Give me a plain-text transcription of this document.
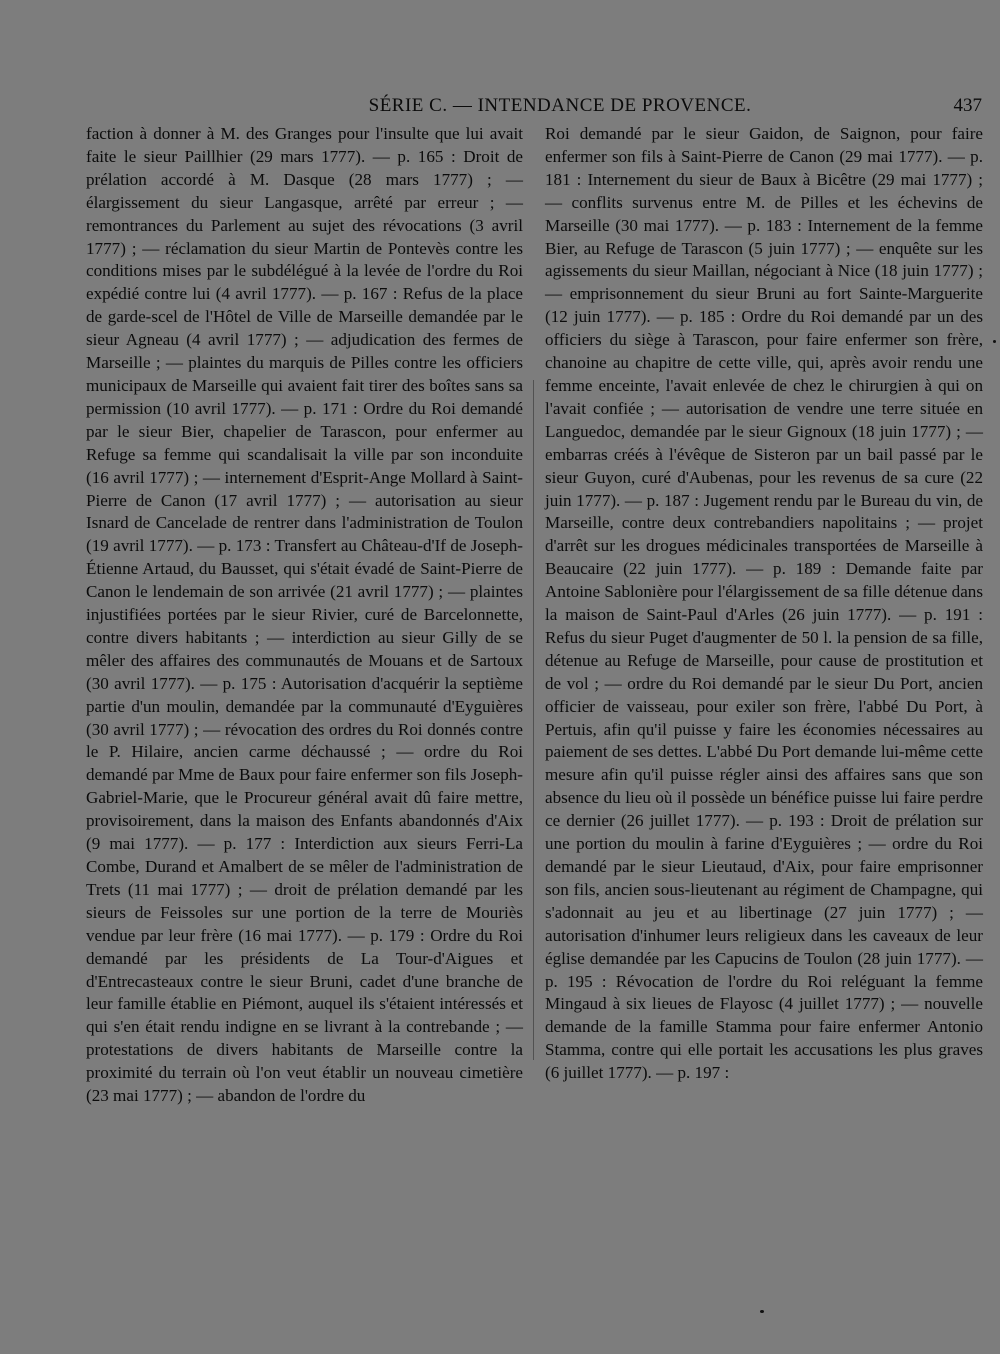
SÉRIE C. — INTENDANCE DE PROVENCE.	437

faction à donner à M. des Granges pour l'insulte que lui avait faite le sieur Paillhier (29 mars 1777). — p. 165 : Droit de prélation accordé à M. Dasque (28 mars 1777) ; — élargissement du sieur Langasque, arrêté par erreur ; — remontrances du Parlement au sujet des révocations (3 avril 1777) ; — réclamation du sieur Martin de Pontevès contre les conditions mises par le subdélégué à la levée de l'ordre du Roi expédié contre lui (4 avril 1777). — p. 167 : Refus de la place de garde-scel de l'Hôtel de Ville de Marseille demandée par le sieur Agneau (4 avril 1777) ; — adjudication des fermes de Marseille ; — plaintes du marquis de Pilles contre les officiers municipaux de Marseille qui avaient fait tirer des boîtes sans sa permission (10 avril 1777). — p. 171 : Ordre du Roi demandé par le sieur Bier, chapelier de Tarascon, pour enfermer au Refuge sa femme qui scandalisait la ville par son inconduite (16 avril 1777) ; — internement d'Esprit-Ange Mollard à Saint-Pierre de Canon (17 avril 1777) ; — autorisation au sieur Isnard de Cancelade de rentrer dans l'administration de Toulon (19 avril 1777). — p. 173 : Transfert au Château-d'If de Joseph-Étienne Artaud, du Bausset, qui s'était évadé de Saint-Pierre de Canon le lendemain de son arrivée (21 avril 1777) ; — plaintes injustifiées portées par le sieur Rivier, curé de Barcelonnette, contre divers habitants ; — interdiction au sieur Gilly de se mêler des affaires des communautés de Mouans et de Sartoux (30 avril 1777). — p. 175 : Autorisation d'acquérir la septième partie d'un moulin, demandée par la communauté d'Eyguières (30 avril 1777) ; — révocation des ordres du Roi donnés contre le P. Hilaire, ancien carme déchaussé ; — ordre du Roi demandé par Mme de Baux pour faire enfermer son fils Joseph-Gabriel-Marie, que le Procureur général avait dû faire mettre, provisoirement, dans la maison des Enfants abandonnés d'Aix (9 mai 1777). — p. 177 : Interdiction aux sieurs Ferri-La Combe, Durand et Amalbert de se mêler de l'administration de Trets (11 mai 1777) ; — droit de prélation demandé par les sieurs de Feissoles sur une portion de la terre de Mouriès vendue par leur frère (16 mai 1777). — p. 179 : Ordre du Roi demandé par les présidents de La Tour-d'Aigues et d'Entrecasteaux contre le sieur Bruni, cadet d'une branche de leur famille établie en Piémont, auquel ils s'étaient intéressés et qui s'en était rendu indigne en se livrant à la contrebande ; — protestations de divers habitants de Marseille contre la proximité du terrain où l'on veut établir un nouveau cimetière (23 mai 1777) ; — abandon de l'ordre du

Roi demandé par le sieur Gaidon, de Saignon, pour faire enfermer son fils à Saint-Pierre de Canon (29 mai 1777). — p. 181 : Internement du sieur de Baux à Bicêtre (29 mai 1777) ; — conflits survenus entre M. de Pilles et les échevins de Marseille (30 mai 1777). — p. 183 : Internement de la femme Bier, au Refuge de Tarascon (5 juin 1777) ; — enquête sur les agissements du sieur Maillan, négociant à Nice (18 juin 1777) ; — emprisonnement du sieur Bruni au fort Sainte-Marguerite (12 juin 1777). — p. 185 : Ordre du Roi demandé par un des officiers du siège à Tarascon, pour faire enfermer son frère, chanoine au chapitre de cette ville, qui, après avoir rendu une femme enceinte, l'avait enlevée de chez le chirurgien à qui on l'avait confiée ; — autorisation de vendre une terre située en Languedoc, demandée par le sieur Gignoux (18 juin 1777) ; — embarras créés à l'évêque de Sisteron par un bail passé par le sieur Guyon, curé d'Aubenas, pour les revenus de sa cure (22 juin 1777). — p. 187 : Jugement rendu par le Bureau du vin, de Marseille, contre deux contrebandiers napolitains ; — projet d'arrêt sur les drogues médicinales transportées de Marseille à Beaucaire (22 juin 1777). — p. 189 : Demande faite par Antoine Sablonière pour l'élargissement de sa fille détenue dans la maison de Saint-Paul d'Arles (26 juin 1777). — p. 191 : Refus du sieur Puget d'augmenter de 50 l. la pension de sa fille, détenue au Refuge de Marseille, pour cause de prostitution et de vol ; — ordre du Roi demandé par le sieur Du Port, ancien officier de vaisseau, pour exiler son frère, l'abbé Du Port, à Pertuis, afin qu'il puisse y faire les économies nécessaires au paiement de ses dettes. L'abbé Du Port demande lui-même cette mesure afin qu'il puisse régler ainsi des affaires sans que son absence du lieu où il possède un bénéfice puisse lui faire perdre ce dernier (26 juillet 1777). — p. 193 : Droit de prélation sur une portion du moulin à farine d'Eyguières ; — ordre du Roi demandé par le sieur Lieutaud, d'Aix, pour faire emprisonner son fils, ancien sous-lieutenant au régiment de Champagne, qui s'adonnait au jeu et au libertinage (27 juin 1777) ; — autorisation d'inhumer leurs religieux dans les caveaux de leur église demandée par les Capucins de Toulon (28 juin 1777). — p. 195 : Révocation de l'ordre du Roi reléguant la femme Mingaud à six lieues de Flayosc (4 juillet 1777) ; — nouvelle demande de la famille Stamma pour faire enfermer Antonio Stamma, contre qui elle portait les accusations les plus graves (6 juillet 1777). — p. 197 :
